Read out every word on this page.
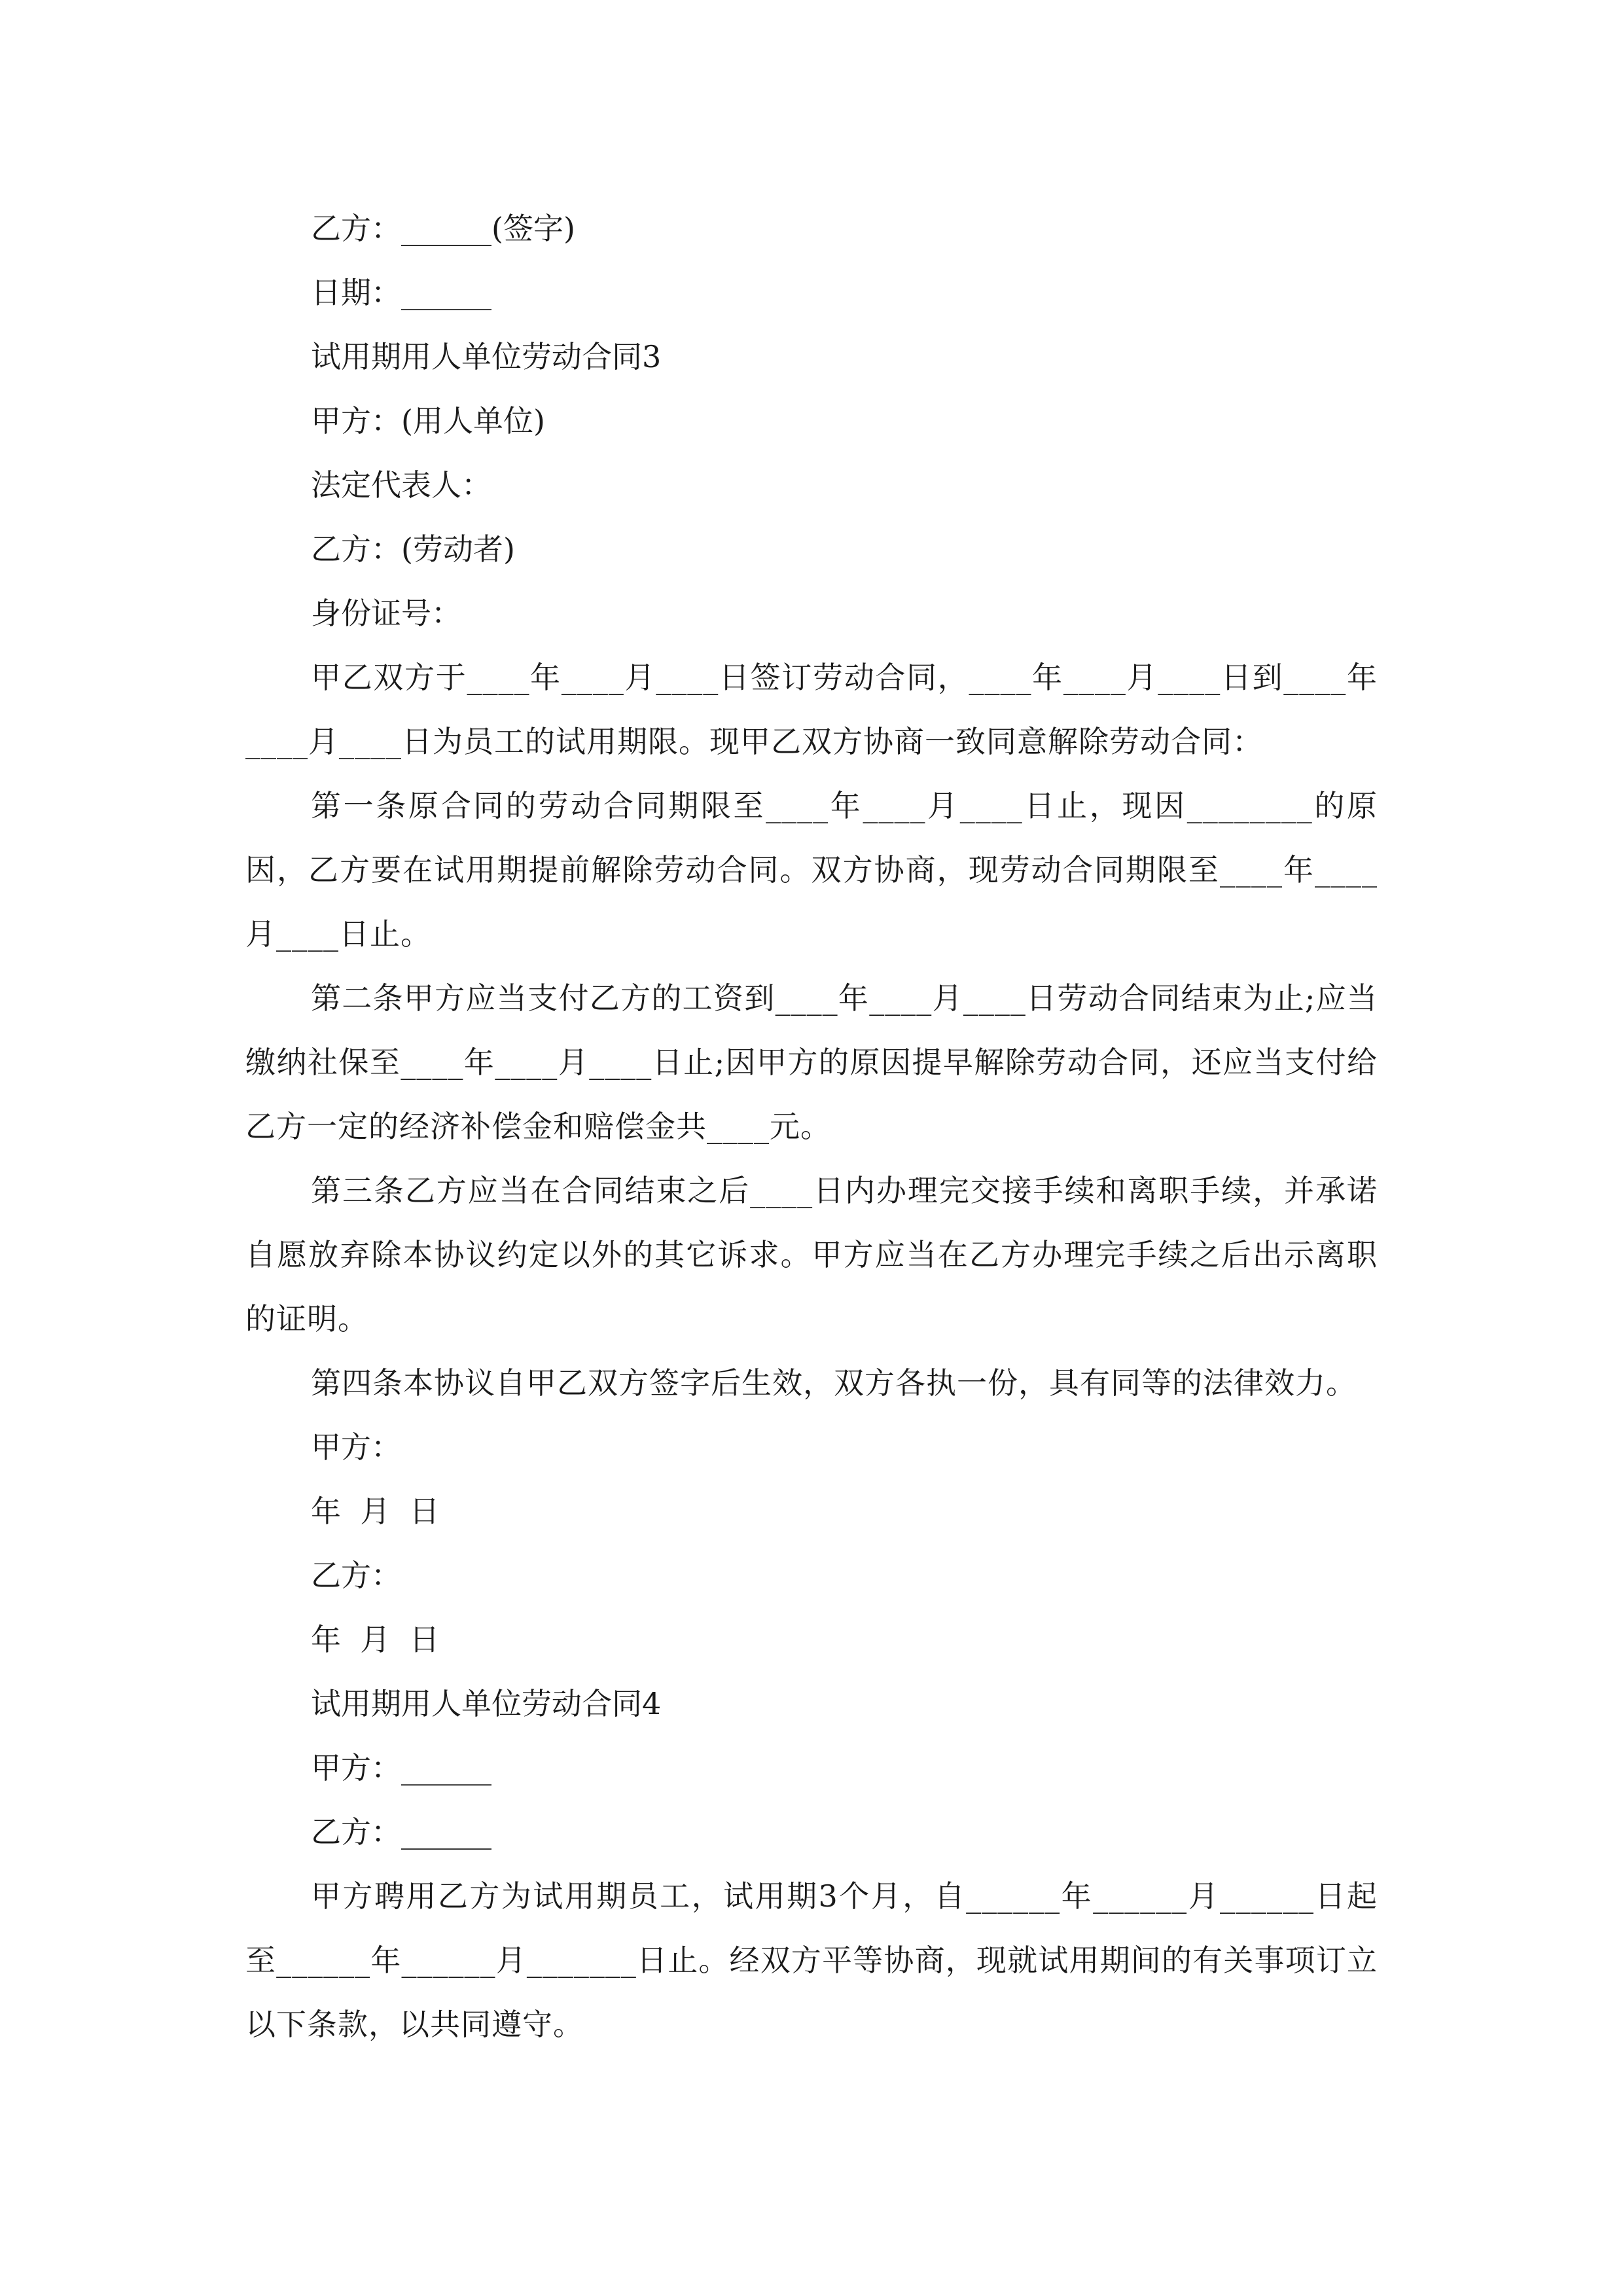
乙方：______(签字)

日期：______

试用期用人单位劳动合同3

甲方：(用人单位)

法定代表人：

乙方：(劳动者)

身份证号：

甲乙双方于____年____月____日签订劳动合同，____年____月____日到____年____月____日为员工的试用期限。现甲乙双方协商一致同意解除劳动合同：

第一条原合同的劳动合同期限至____年____月____日止，现因________的原因，乙方要在试用期提前解除劳动合同。双方协商，现劳动合同期限至____年____月____日止。

第二条甲方应当支付乙方的工资到____年____月____日劳动合同结束为止;应当缴纳社保至____年____月____日止;因甲方的原因提早解除劳动合同，还应当支付给乙方一定的经济补偿金和赔偿金共____元。

第三条乙方应当在合同结束之后____日内办理完交接手续和离职手续，并承诺自愿放弃除本协议约定以外的其它诉求。甲方应当在乙方办理完手续之后出示离职的证明。

第四条本协议自甲乙双方签字后生效，双方各执一份，具有同等的法律效力。

甲方：

年  月  日

乙方：

年  月  日

试用期用人单位劳动合同4

甲方：______

乙方：______

甲方聘用乙方为试用期员工，试用期3个月，自______年______月______日起至______年______月_______日止。经双方平等协商，现就试用期间的有关事项订立以下条款，以共同遵守。
